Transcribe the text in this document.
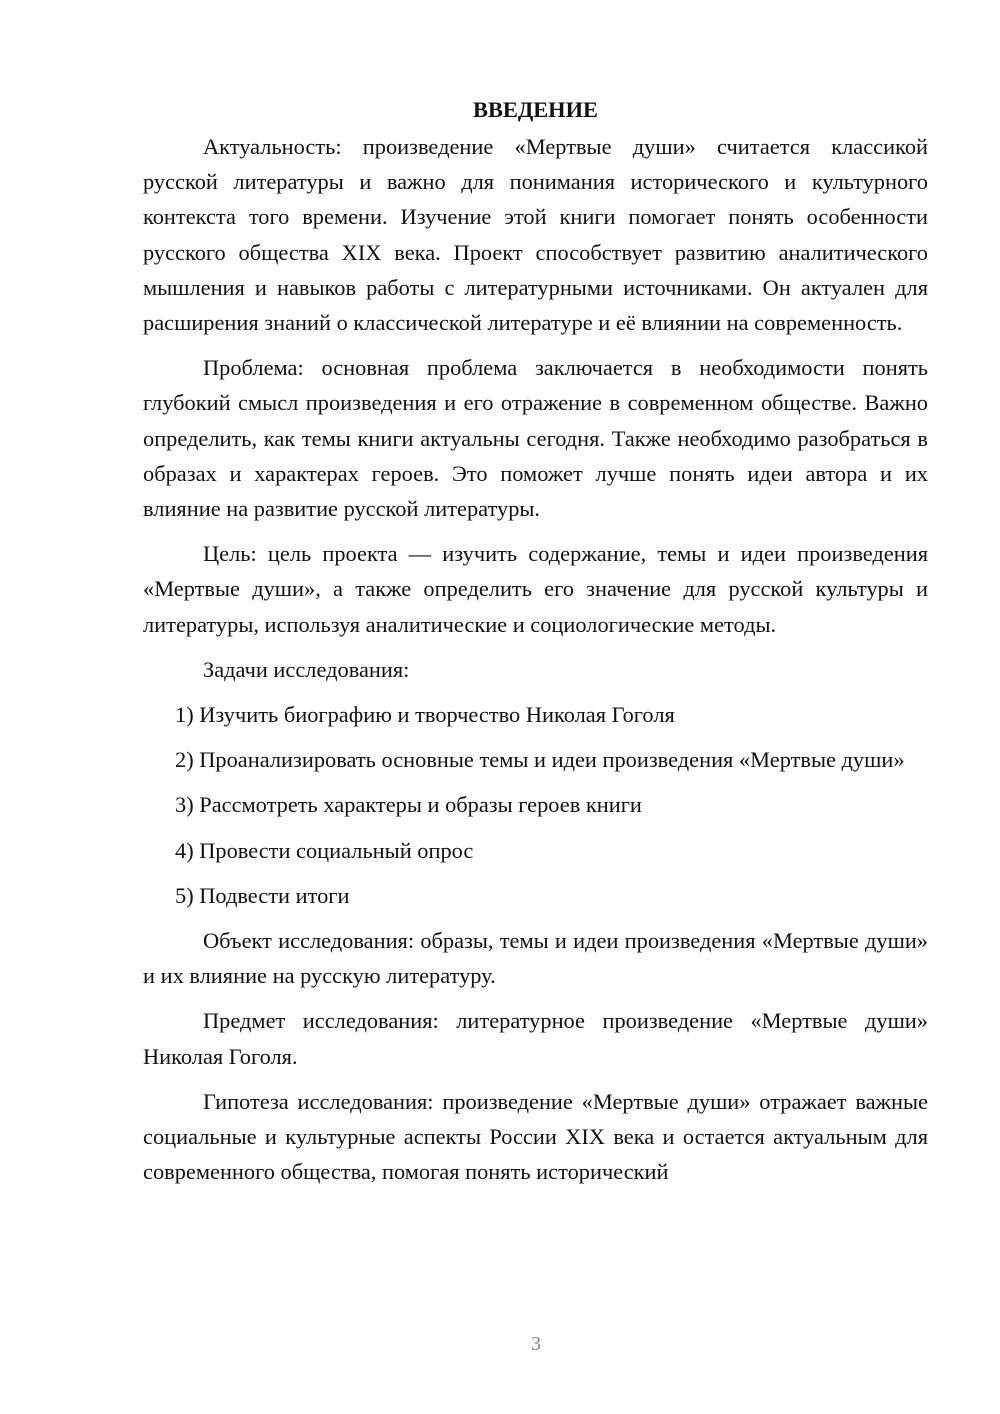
ВВЕДЕНИЕ

Актуальность: произведение «Мертвые души» считается классикой русской литературы и важно для понимания исторического и культурного контекста того времени. Изучение этой книги помогает понять особенности русского общества XIX века. Проект способствует развитию аналитического мышления и навыков работы с литературными источниками. Он актуален для расширения знаний о классической литературе и её влиянии на современность.

Проблема: основная проблема заключается в необходимости понять глубокий смысл произведения и его отражение в современном обществе. Важно определить, как темы книги актуальны сегодня. Также необходимо разобраться в образах и характерах героев. Это поможет лучше понять идеи автора и их влияние на развитие русской литературы.

Цель: цель проекта — изучить содержание, темы и идеи произведения «Мертвые души», а также определить его значение для русской культуры и литературы, используя аналитические и социологические методы.

Задачи исследования:

1) Изучить биографию и творчество Николая Гоголя

2) Проанализировать основные темы и идеи произведения «Мертвые души»

3) Рассмотреть характеры и образы героев книги

4) Провести социальный опрос

5) Подвести итоги

Объект исследования: образы, темы и идеи произведения «Мертвые души» и их влияние на русскую литературу.

Предмет исследования: литературное произведение «Мертвые души» Николая Гоголя.

Гипотеза исследования: произведение «Мертвые души» отражает важные социальные и культурные аспекты России XIX века и остается актуальным для современного общества, помогая понять исторический

3
